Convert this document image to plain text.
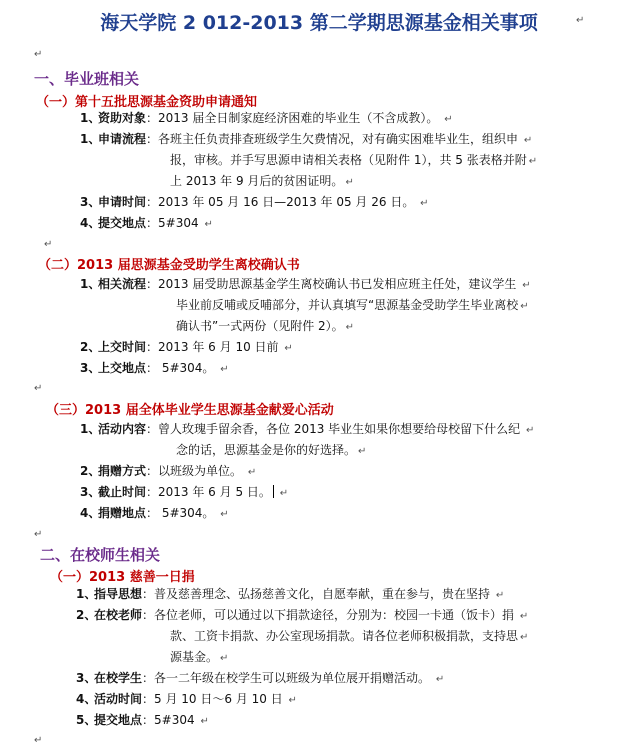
海天学院 2 012-2013 第二学期思源基金相关事项	↵
↵
一、毕业班相关
（一）第十五批思源基金资助申请通知
1、资助对象：2013 届全日制家庭经济困难的毕业生（不含成教）。 ↵
1、申请流程：各班主任负责排查班级学生欠费情况，对有确实困难毕业生，组织申 ↵
报，审核。并手写思源申请相关表格（见附件 1），共 5 张表格并附 ↵
上 2013 年 9 月后的贫困证明。 ↵
3、申请时间：2013 年 05 月 16 日—2013 年 05 月 26 日。 ↵
4、提交地点：5#304 ↵
↵
（二）2013 届思源基金受助学生离校确认书
1、相关流程：2013 届受助思源基金学生离校确认书已发相应班主任处，建议学生 ↵
毕业前反哺或反哺部分，并认真填写“思源基金受助学生毕业离校 ↵
确认书”一式两份（见附件 2）。 ↵
2、上交时间：2013 年 6 月 10 日前 ↵
3、上交地点： 5#304。 ↵
↵
（三）2013 届全体毕业学生思源基金献爱心活动
1、活动内容：曾人玫瑰手留余香，各位 2013 毕业生如果你想要给母校留下什么纪 ↵
念的话，思源基金是你的好选择。 ↵
2、捐赠方式：以班级为单位。 ↵
3、截止时间：2013 年 6 月 5 日。 ↵
4、捐赠地点： 5#304。 ↵
↵
二、在校师生相关
（一）2013 慈善一日捐
1、指导思想：普及慈善理念、弘扬慈善文化，自愿奉献，重在参与，贵在坚持 ↵
2、在校老师：各位老师，可以通过以下捐款途径，分别为：校园一卡通（饭卡）捐 ↵
款、工资卡捐款、办公室现场捐款。请各位老师积极捐款，支持思 ↵
源基金。 ↵
3、在校学生：各一二年级在校学生可以班级为单位展开捐赠活动。 ↵
4、活动时间：5 月 10 日～6 月 10 日 ↵
5、提交地点：5#304 ↵
↵
